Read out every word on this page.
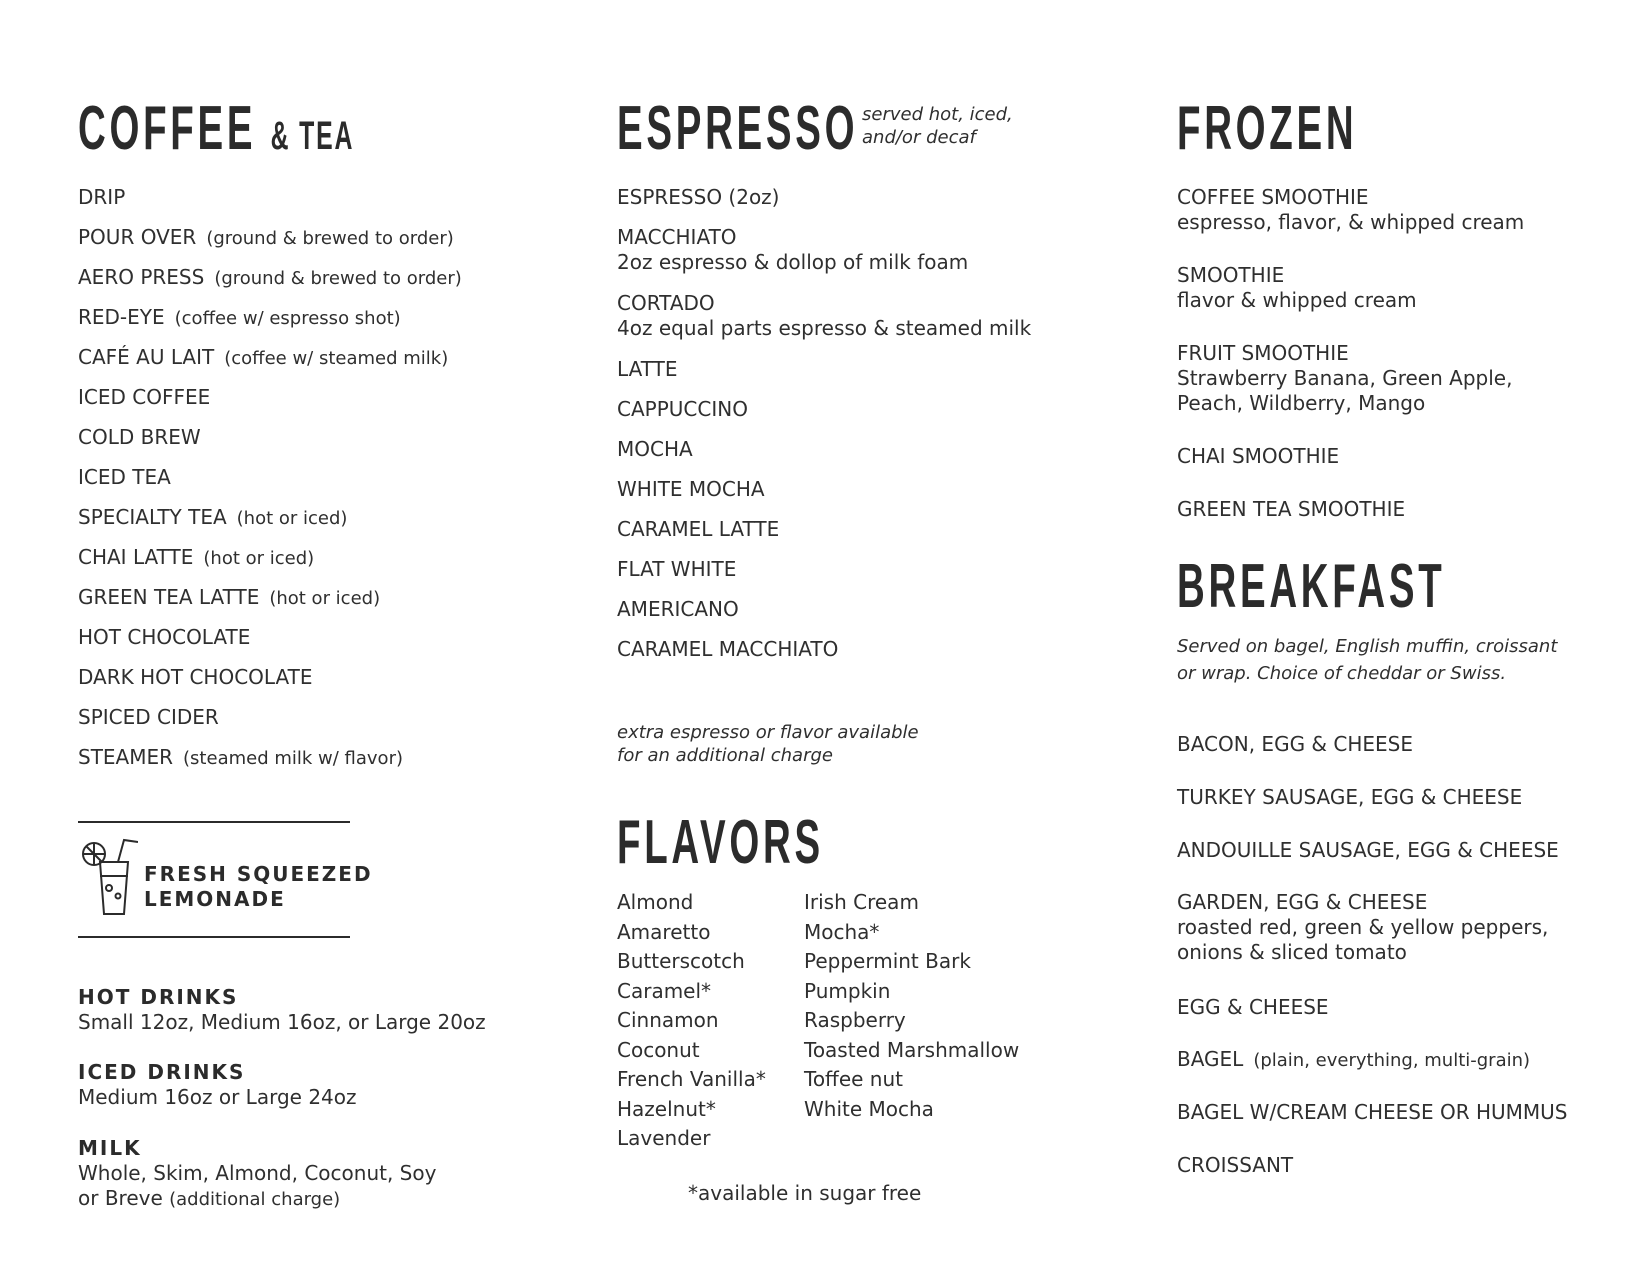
COFFEE & TEA
DRIP
POUR OVER (ground & brewed to order)
AERO PRESS (ground & brewed to order)
RED-EYE (coffee w/ espresso shot)
CAFÉ AU LAIT (coffee w/ steamed milk)
ICED COFFEE
COLD BREW
ICED TEA
SPECIALTY TEA (hot or iced)
CHAI LATTE (hot or iced)
GREEN TEA LATTE (hot or iced)
HOT CHOCOLATE
DARK HOT CHOCOLATE
SPICED CIDER
STEAMER (steamed milk w/ flavor)
FRESH SQUEEZED
LEMONADE
HOT DRINKS
Small 12oz, Medium 16oz, or Large 20oz
ICED DRINKS
Medium 16oz or Large 24oz
MILK
Whole, Skim, Almond, Coconut, Soy
or Breve (additional charge)
ESPRESSO served hot, iced,
and/or decaf
ESPRESSO (2oz)
MACCHIATO
2oz espresso & dollop of milk foam
CORTADO
4oz equal parts espresso & steamed milk
LATTE
CAPPUCCINO
MOCHA
WHITE MOCHA
CARAMEL LATTE
FLAT WHITE
AMERICANO
CARAMEL MACCHIATO
extra espresso or flavor available
for an additional charge
FLAVORS
Almond
Amaretto
Butterscotch
Caramel*
Cinnamon
Coconut
French Vanilla*
Hazelnut*
Lavender
Irish Cream
Mocha*
Peppermint Bark
Pumpkin
Raspberry
Toasted Marshmallow
Toffee nut
White Mocha
*available in sugar free
FROZEN
COFFEE SMOOTHIE
espresso, flavor, & whipped cream
SMOOTHIE
flavor & whipped cream
FRUIT SMOOTHIE
Strawberry Banana, Green Apple,
Peach, Wildberry, Mango
CHAI SMOOTHIE
GREEN TEA SMOOTHIE
BREAKFAST
Served on bagel, English muffin, croissant
or wrap. Choice of cheddar or Swiss.
BACON, EGG & CHEESE
TURKEY SAUSAGE, EGG & CHEESE
ANDOUILLE SAUSAGE, EGG & CHEESE
GARDEN, EGG & CHEESE
roasted red, green & yellow peppers,
onions & sliced tomato
EGG & CHEESE
BAGEL (plain, everything, multi-grain)
BAGEL W/CREAM CHEESE OR HUMMUS
CROISSANT
